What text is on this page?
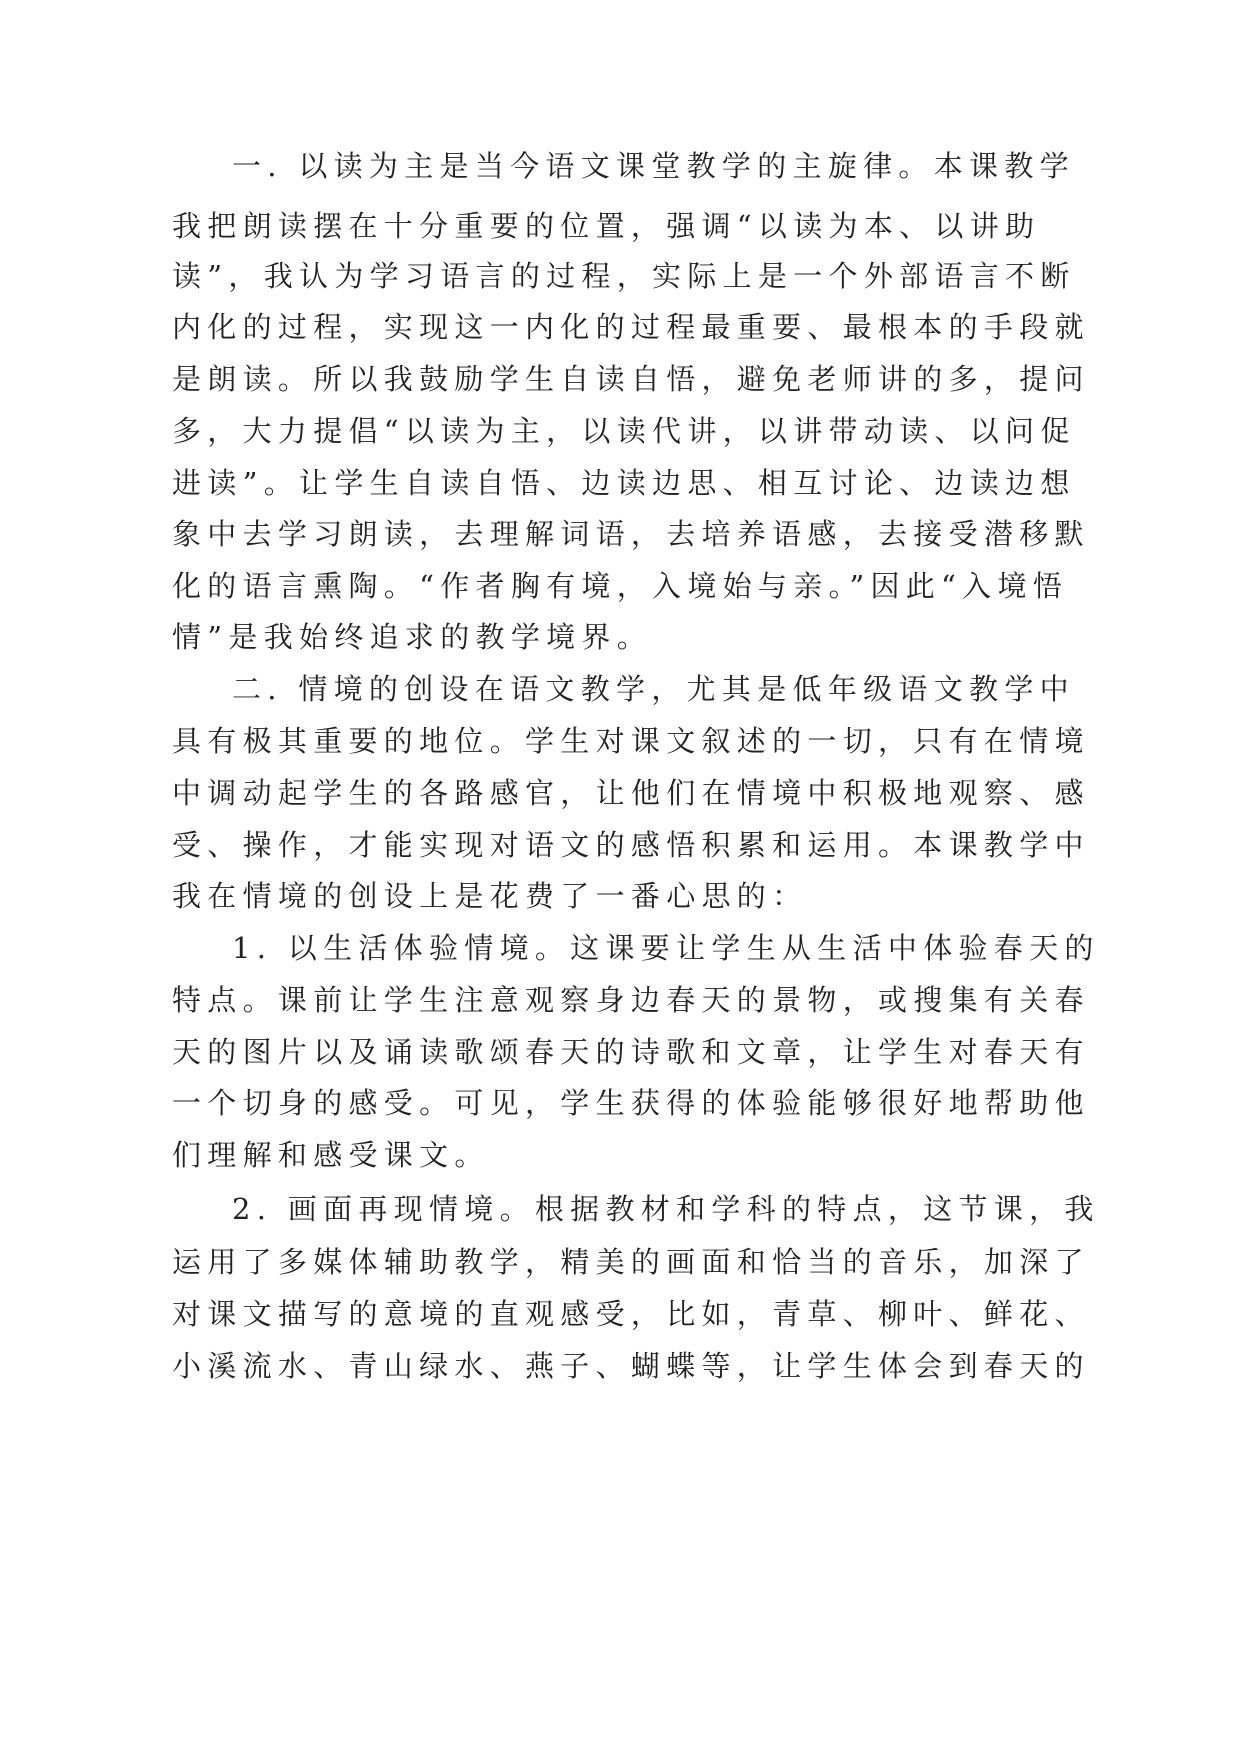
一. 以读为主是当今语文课堂教学的主旋律。本课教学

我把朗读摆在十分重要的位置，强调“以读为本、以讲助

读”，我认为学习语言的过程，实际上是一个外部语言不断

内化的过程，实现这一内化的过程最重要、最根本的手段就

是朗读。所以我鼓励学生自读自悟，避免老师讲的多，提问

多，大力提倡“以读为主，以读代讲，以讲带动读、以问促

进读”。让学生自读自悟、边读边思、相互讨论、边读边想

象中去学习朗读，去理解词语，去培养语感，去接受潜移默

化的语言熏陶。“作者胸有境，入境始与亲。”因此“入境悟

情”是我始终追求的教学境界。

二. 情境的创设在语文教学，尤其是低年级语文教学中

具有极其重要的地位。学生对课文叙述的一切，只有在情境

中调动起学生的各路感官，让他们在情境中积极地观察、感

受、操作，才能实现对语文的感悟积累和运用。本课教学中

我在情境的创设上是花费了一番心思的：

1. 以生活体验情境。这课要让学生从生活中体验春天的

特点。课前让学生注意观察身边春天的景物，或搜集有关春

天的图片以及诵读歌颂春天的诗歌和文章，让学生对春天有

一个切身的感受。可见，学生获得的体验能够很好地帮助他

们理解和感受课文。

2. 画面再现情境。根据教材和学科的特点，这节课，我

运用了多媒体辅助教学，精美的画面和恰当的音乐，加深了

对课文描写的意境的直观感受，比如，青草、柳叶、鲜花、

小溪流水、青山绿水、燕子、蝴蝶等，让学生体会到春天的
